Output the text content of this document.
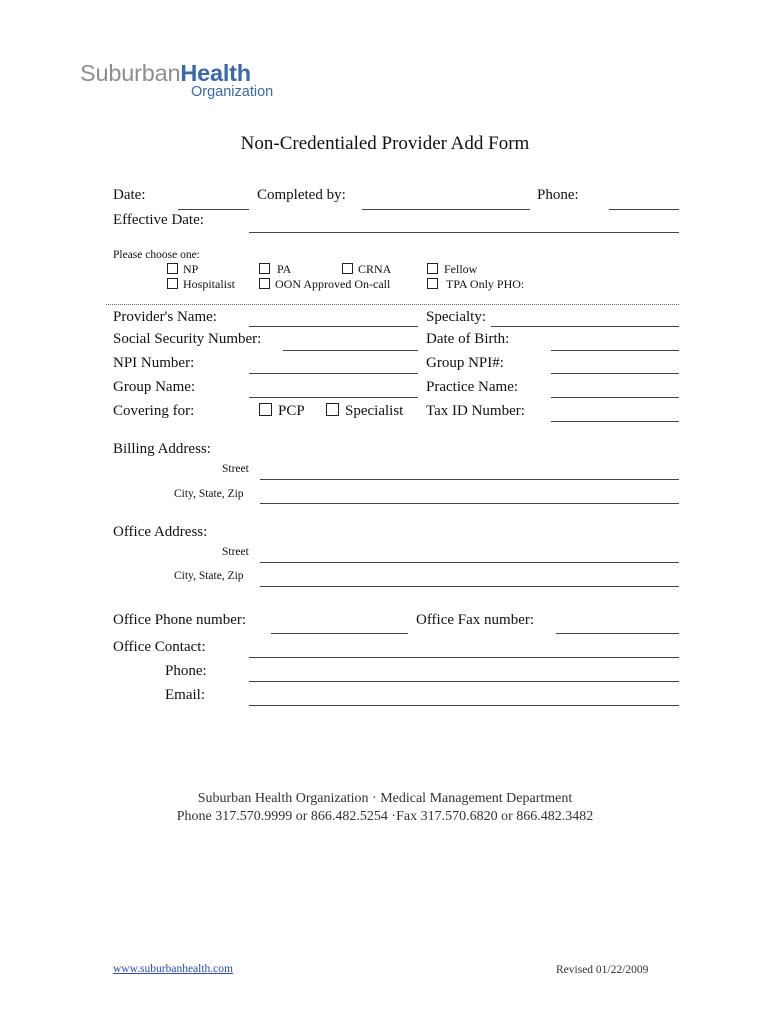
SuburbanHealth
Organization
Non-Credentialed Provider Add Form
Date:	Completed by:	Phone:
Effective Date:
Please choose one:
NP
Hospitalist
PA
OON Approved On-call
CRNA	Fellow
TPA Only PHO:
Provider's Name:	Specialty:
Social Security Number:	Date of Birth:
NPI Number:	Group NPI#:
Group Name:	Practice Name:
Covering for:	PCP	Specialist Tax ID Number:
Billing Address:
Street
City, State, Zip
Office Address:
Street
City, State, Zip
Office Phone number:	Office Fax number:
Office Contact:
Phone:
Email:
Suburban Health Organization · Medical Management Department
Phone 317.570.9999 or 866.482.5254 ·Fax 317.570.6820 or 866.482.3482
www.suburbanhealth.com	Revised 01/22/2009
